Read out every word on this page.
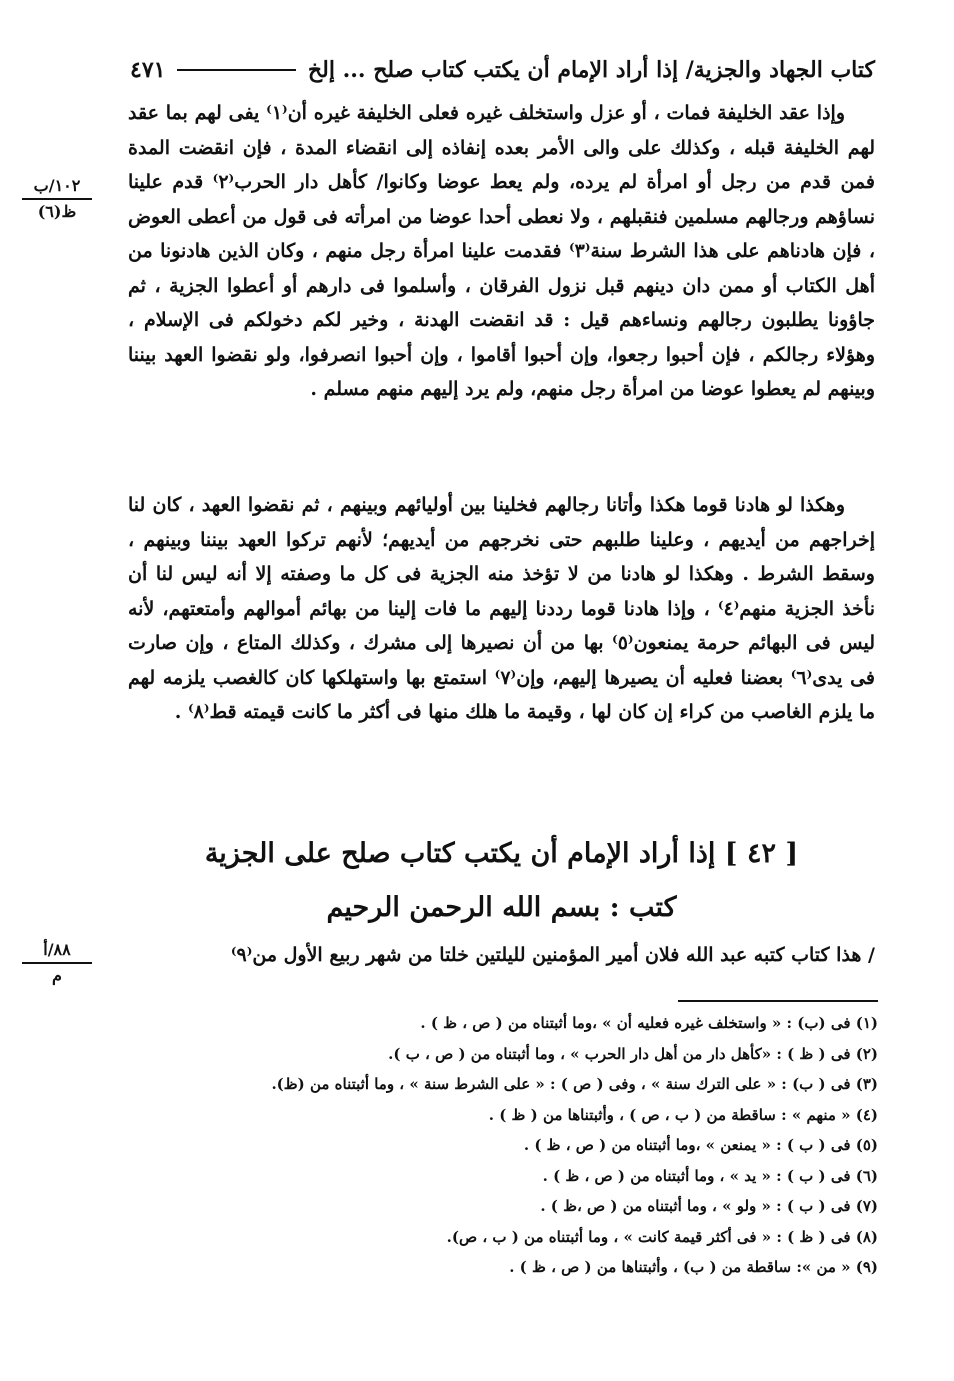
كتاب الجهاد والجزية/ إذا أراد الإمام أن يكتب كتاب صلح ... إلخ
٤٧١
١٠٢/ب
ظ(٦)

وإذا عقد الخليفة فمات ، أو عزل واستخلف غيره فعلى الخليفة غيره أن⁽١⁾ يفى لهم بما عقد لهم الخليفة قبله ، وكذلك على والى الأمر بعده إنفاذه إلى انقضاء المدة ، فإن انقضت المدة فمن قدم من رجل أو امرأة لم يرده، ولم يعط عوضا وكانوا/ كأهل دار الحرب⁽٢⁾ قدم علينا نساؤهم ورجالهم مسلمين فنقبلهم ، ولا نعطى أحدا عوضا من امرأته فى قول من أعطى العوض ، فإن هادناهم على هذا الشرط سنة⁽٣⁾ فقدمت علينا امرأة رجل منهم ، وكان الذين هادنونا من أهل الكتاب أو ممن دان دينهم قبل نزول الفرقان ، وأسلموا فى دارهم أو أعطوا الجزية ، ثم جاؤونا يطلبون رجالهم ونساءهم قيل : قد انقضت الهدنة ، وخير لكم دخولكم فى الإسلام ، وهؤلاء رجالكم ، فإن أحبوا رجعوا، وإن أحبوا أقاموا ، وإن أحبوا انصرفوا، ولو نقضوا العهد بيننا وبينهم لم يعطوا عوضا من امرأة رجل منهم، ولم يرد إليهم منهم مسلم .

وهكذا لو هادنا قوما هكذا وأتانا رجالهم فخلينا بين أوليائهم وبينهم ، ثم نقضوا العهد ، كان لنا إخراجهم من أيديهم ، وعلينا طلبهم حتى نخرجهم من أيديهم؛ لأنهم تركوا العهد بيننا وبينهم ، وسقط الشرط . وهكذا لو هادنا من لا تؤخذ منه الجزية فى كل ما وصفته إلا أنه ليس لنا أن نأخذ الجزية منهم⁽٤⁾ ، وإذا هادنا قوما رددنا إليهم ما فات إلينا من بهائم أموالهم وأمتعتهم، لأنه ليس فى البهائم حرمة يمنعون⁽٥⁾ بها من أن نصيرها إلى مشرك ، وكذلك المتاع ، وإن صارت فى يدى⁽٦⁾ بعضنا فعليه أن يصيرها إليهم، وإن⁽٧⁾ استمتع بها واستهلكها كان كالغصب يلزمه لهم ما يلزم الغاصب من كراء إن كان لها ، وقيمة ما هلك منها فى أكثر ما كانت قيمته قط⁽٨⁾ .

[ ٤٢ ] إذا أراد الإمام أن يكتب كتاب صلح على الجزية
كتب : بسم الله الرحمن الرحيم
٨٨/أ
م
/ هذا كتاب كتبه عبد الله فلان أمير المؤمنين لليلتين خلتا من شهر ربيع الأول من⁽٩⁾
(١) فى (ب) : « واستخلف غيره فعليه أن » ،وما أثبتناه من ( ص ، ظ ) .
(٢) فى ( ظ ) : «كأهل دار من أهل دار الحرب » ، وما أثبتناه من ( ص ، ب ).
(٣) فى ( ب) : « على الترك سنة » ، وفى ( ص ) : « على الشرط سنة » ، وما أثبتناه من (ظ).
(٤) « منهم » : ساقطة من ( ب ، ص ) ، وأثبتناها من ( ظ ) .
(٥) فى ( ب ) : « يمنعن » ،وما أثبتناه من ( ص ، ظ ) .
(٦) فى ( ب ) : « يد » ، وما أثبتناه من ( ص ، ظ ) .
(٧) فى ( ب ) : « ولو » ، وما أثبتناه من ( ص ،ظ ) .
(٨) فى ( ظ ) : « فى أكثر قيمة كانت » ، وما أثبتناه من ( ب ، ص).
(٩) « من »: ساقطة من ( ب) ، وأثبتناها من ( ص ، ظ ) .
